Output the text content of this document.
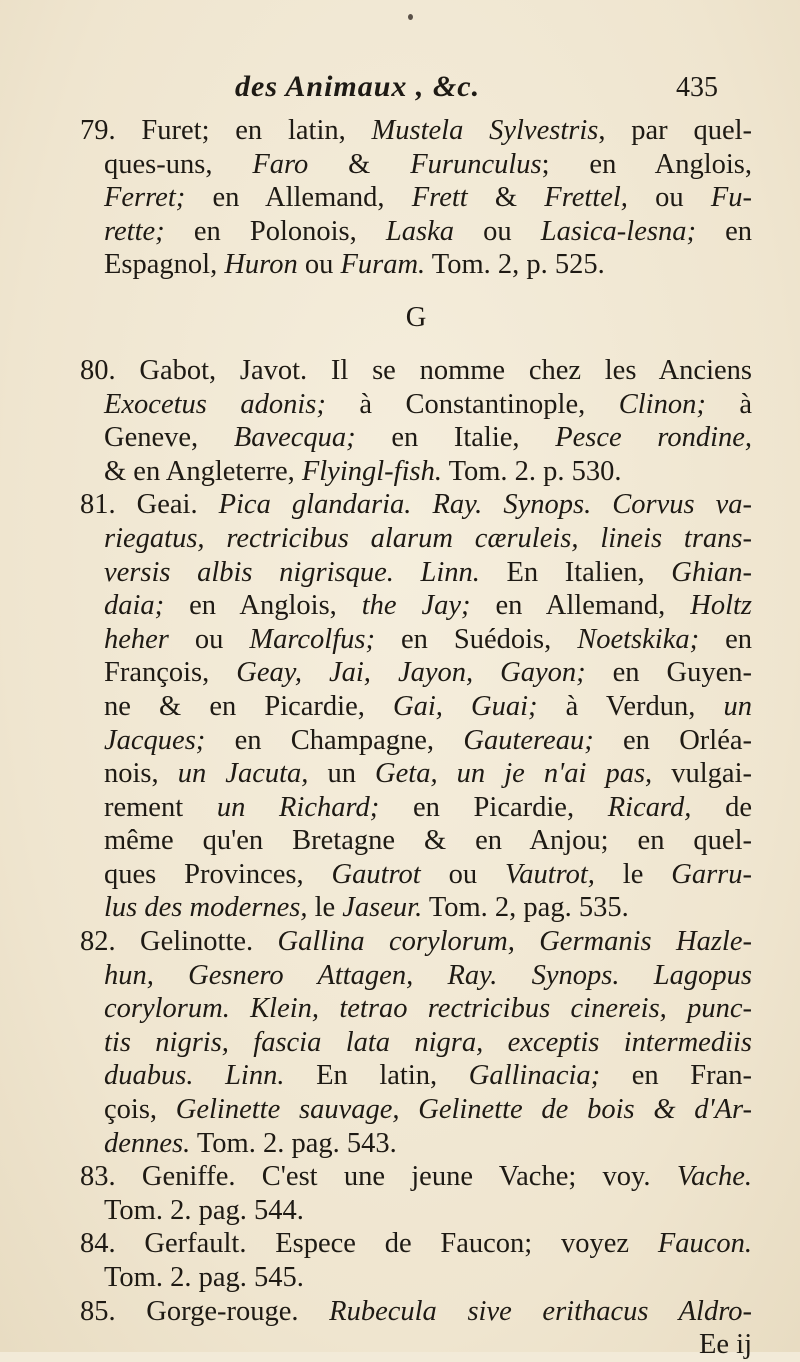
des Animaux , &c.	435
79. Furet; en latin, Mustela Sylvestris, par quel-
ques-uns, Faro & Furunculus; en Anglois,
Ferret; en Allemand, Frett & Frettel, ou Fu-
rette; en Polonois, Laska ou Lasica-lesna; en
Espagnol, Huron ou Furam. Tom. 2, p. 525.
G
80. Gabot, Javot. Il se nomme chez les Anciens
Exocetus adonis; à Constantinople, Clinon; à
Geneve, Bavecqua; en Italie, Pesce rondine,
& en Angleterre, Flyingl-fish. Tom. 2. p. 530.
81. Geai. Pica glandaria. Ray. Synops. Corvus va-
riegatus, rectricibus alarum cæruleis, lineis trans-
versis albis nigrisque. Linn. En Italien, Ghian-
daia; en Anglois, the Jay; en Allemand, Holtz
heher ou Marcolfus; en Suédois, Noetskika; en
François, Geay, Jai, Jayon, Gayon; en Guyen-
ne & en Picardie, Gai, Guai; à Verdun, un
Jacques; en Champagne, Gautereau; en Orléa-
nois, un Jacuta, un Geta, un je n'ai pas, vulgai-
rement un Richard; en Picardie, Ricard, de
même qu'en Bretagne & en Anjou; en quel-
ques Provinces, Gautrot ou Vautrot, le Garru-
lus des modernes, le Jaseur. Tom. 2, pag. 535.
82. Gelinotte. Gallina corylorum, Germanis Hazle-
hun, Gesnero Attagen, Ray. Synops. Lagopus
corylorum. Klein, tetrao rectricibus cinereis, punc-
tis nigris, fascia lata nigra, exceptis intermediis
duabus. Linn. En latin, Gallinacia; en Fran-
çois, Gelinette sauvage, Gelinette de bois & d'Ar-
dennes. Tom. 2. pag. 543.
83. Geniffe. C'est une jeune Vache; voy. Vache.
Tom. 2. pag. 544.
84. Gerfault. Espece de Faucon; voyez Faucon.
Tom. 2. pag. 545.
85. Gorge-rouge. Rubecula sive erithacus Aldro-
Ee ij
